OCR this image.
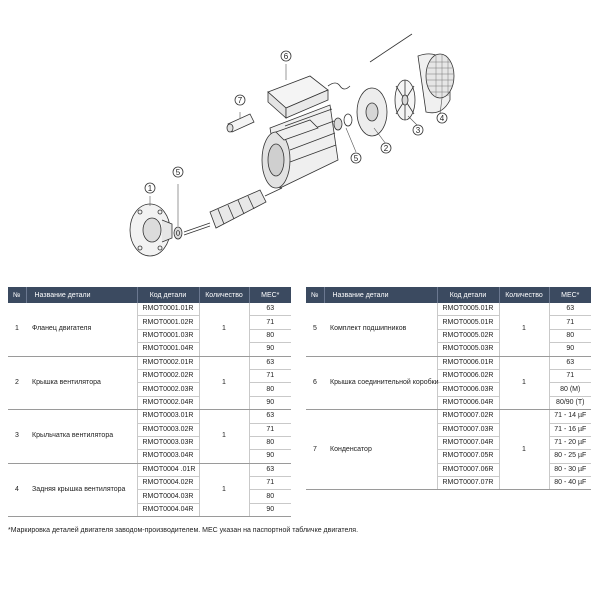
1
2
3
4
5
5
6
7
№	Название детали	Код детали	Количество	МЕС*
1	Фланец двигателя	RMOT0001.01R	1	63
		RMOT0001.02R		71
		RMOT0001.03R		80
		RMOT0001.04R		90
2	Крышка вентилятора	RMOT0002.01R	1	63
		RMOT0002.02R		71
		RMOT0002.03R		80
		RMOT0002.04R		90
3	Крыльчатка вентилятора	RMOT0003.01R	1	63
		RMOT0003.02R		71
		RMOT0003.03R		80
		RMOT0003.04R		90
4	Задняя крышка вентилятора	RMOT0004 .01R	1	63
		RMOT0004.02R		71
		RMOT0004.03R		80
		RMOT0004.04R		90
№	Название детали	Код детали	Количество	МЕС*
5	Комплект подшипников	RMOT0005.01R	1	63
		RMOT0005.01R		71
		RMOT0005.02R		80
		RMOT0005.03R		90
6	Крышка соединительной коробки	RMOT0006.01R	1	63
		RMOT0006.02R		71
		RMOT0006.03R		80 (M)
		RMOT0006.04R		80/90 (T)
7	Конденсатор	RMOT0007.02R	1	71 - 14 µF
		RMOT0007.03R		71 - 16 µF
		RMOT0007.04R		71 - 20 µF
		RMOT0007.05R		80 - 25 µF
		RMOT0007.06R		80 - 30 µF
		RMOT0007.07R		80 - 40 µF
*Маркировка деталей двигателя заводом-производителем. МЕС указан на паспортной табличке двигателя.
